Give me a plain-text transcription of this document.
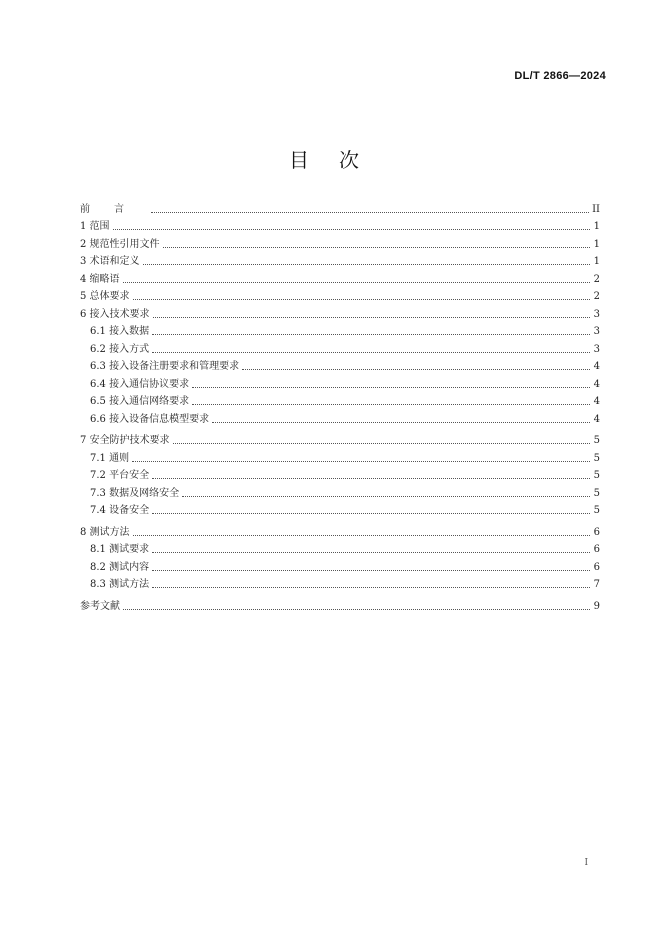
DL/T 2866—2024
目次
前言	II
1 范围	1
2 规范性引用文件	1
3 术语和定义	1
4 缩略语	2
5 总体要求	2
6 接入技术要求	3
6.1 接入数据	3
6.2 接入方式	3
6.3 接入设备注册要求和管理要求	4
6.4 接入通信协议要求	4
6.5 接入通信网络要求	4
6.6 接入设备信息模型要求	4
7 安全防护技术要求	5
7.1 通则	5
7.2 平台安全	5
7.3 数据及网络安全	5
7.4 设备安全	5
8 测试方法	6
8.1 测试要求	6
8.2 测试内容	6
8.3 测试方法	7
参考文献	9
I
